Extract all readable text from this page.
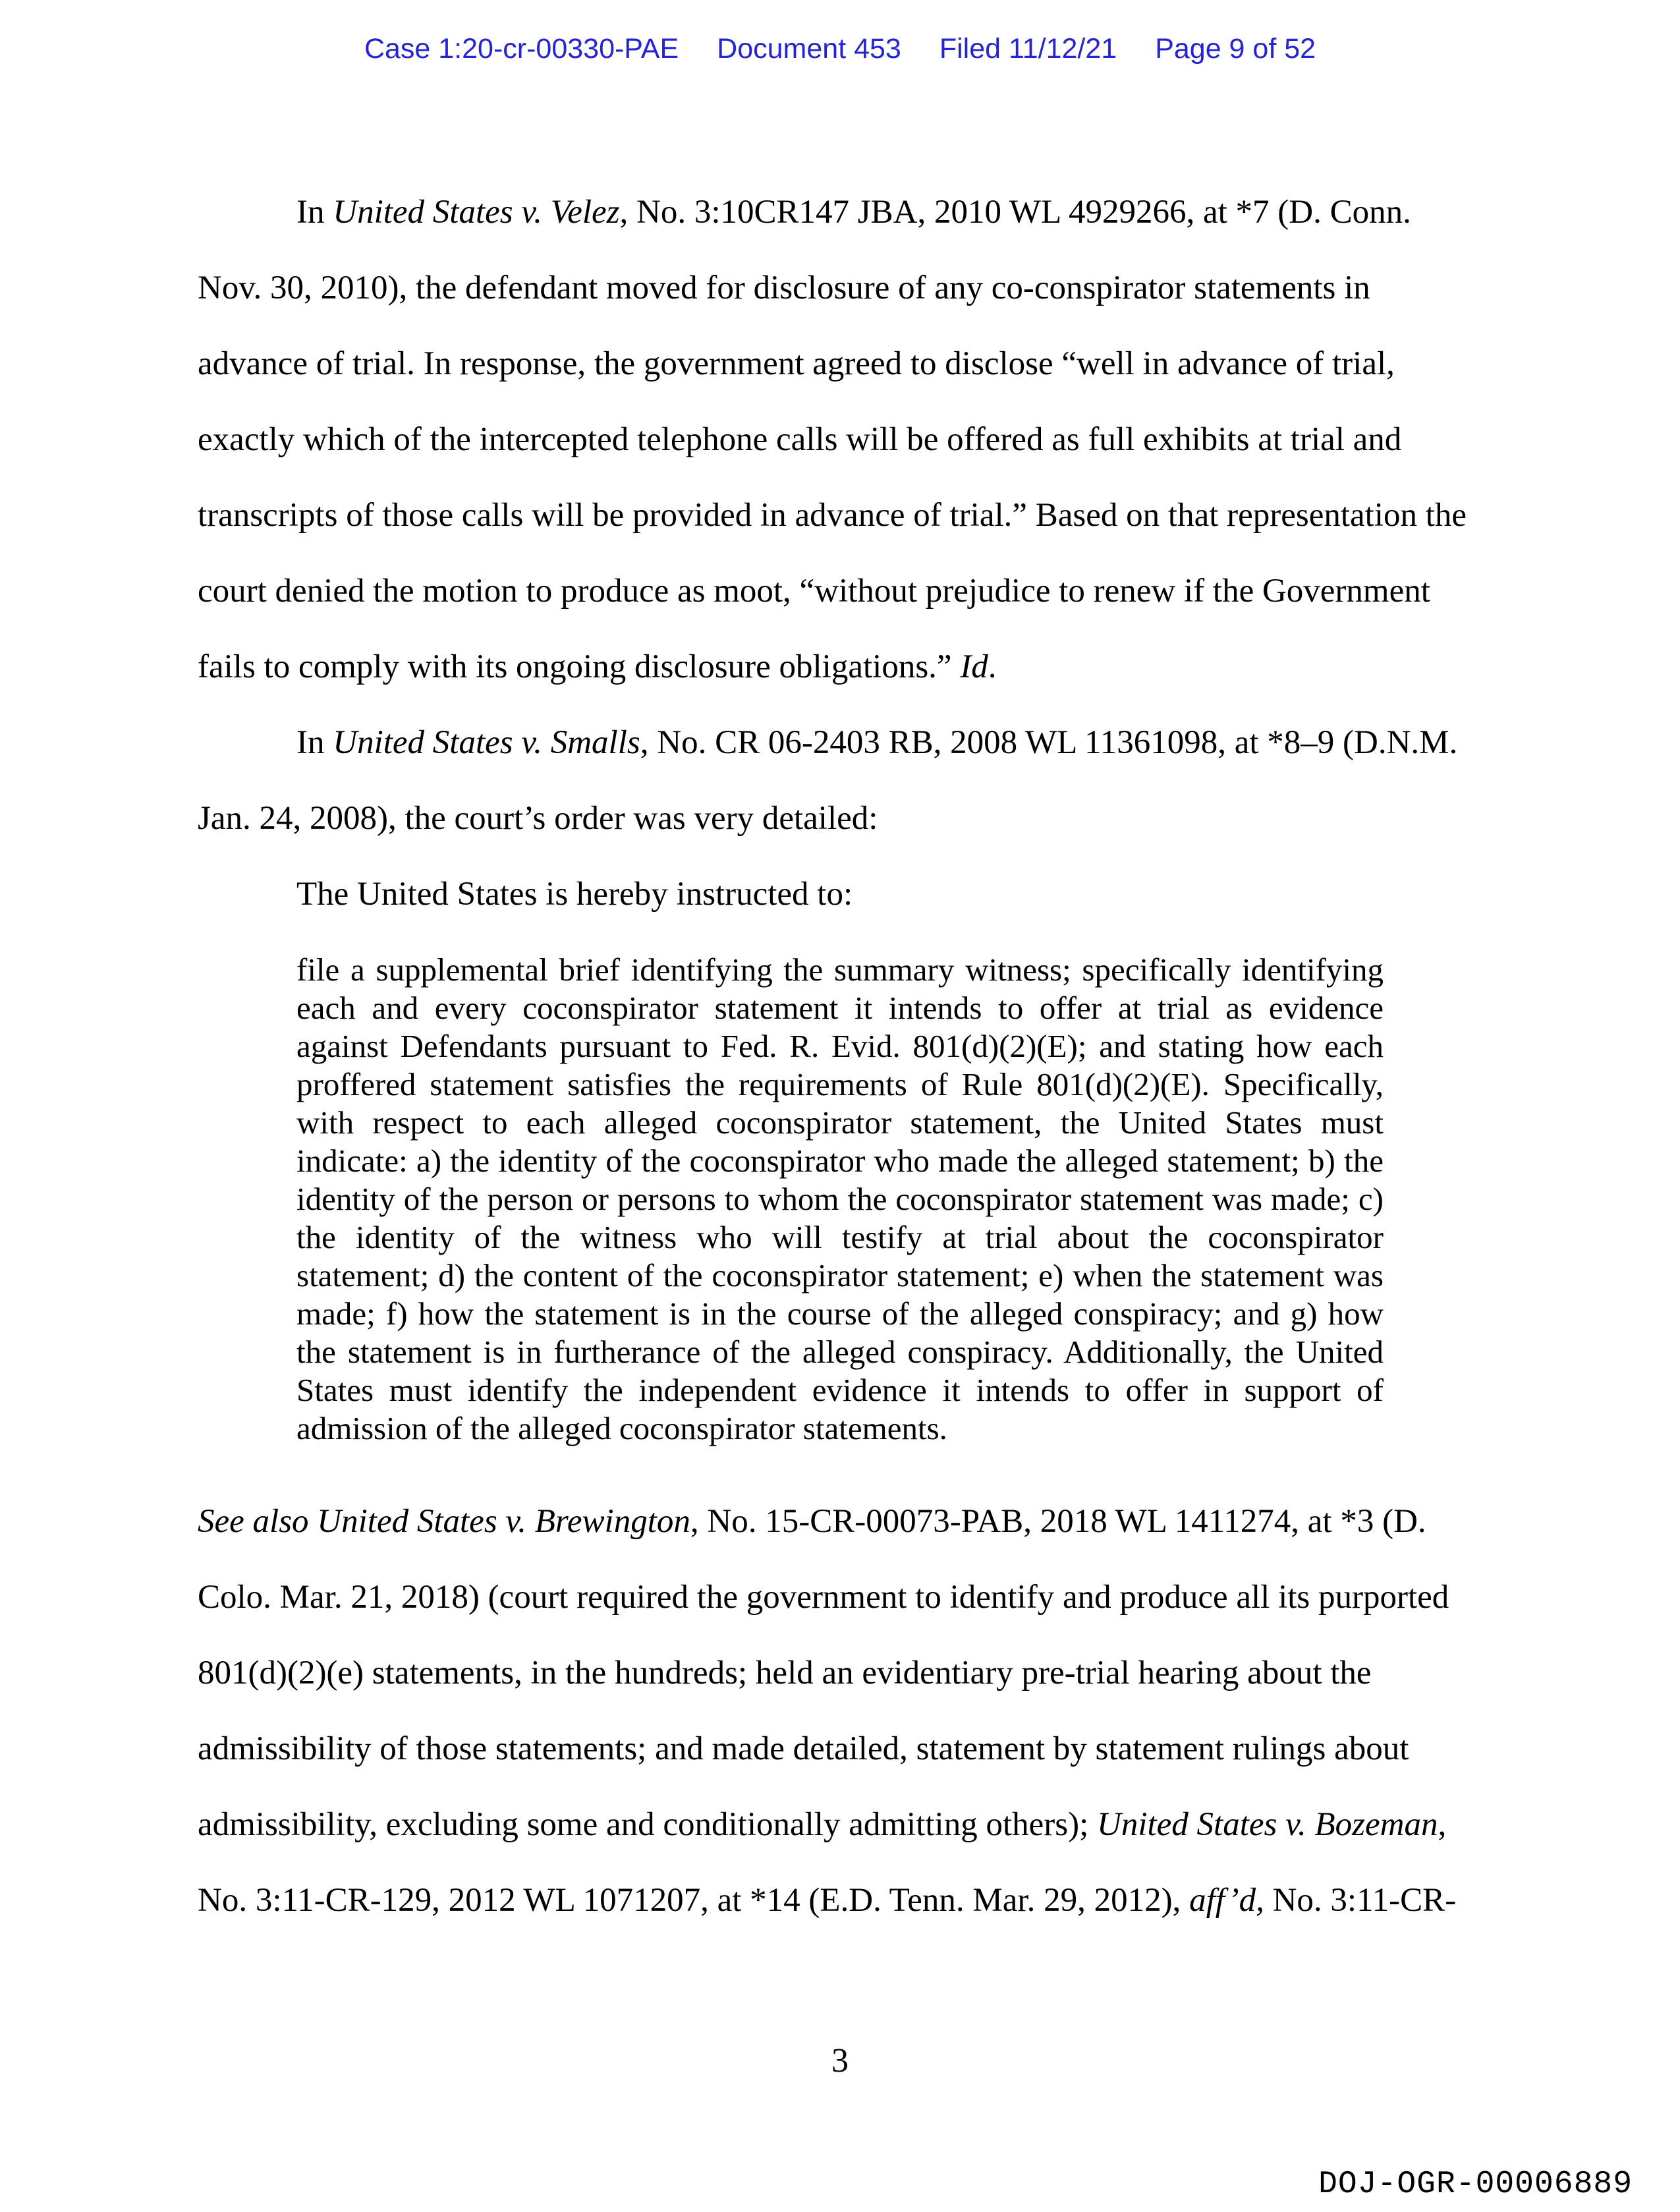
Case 1:20-cr-00330-PAE Document 453 Filed 11/12/21 Page 9 of 52

In United States v. Velez, No. 3:10CR147 JBA, 2010 WL 4929266, at *7 (D. Conn. Nov. 30, 2010), the defendant moved for disclosure of any co-conspirator statements in advance of trial. In response, the government agreed to disclose “well in advance of trial, exactly which of the intercepted telephone calls will be offered as full exhibits at trial and transcripts of those calls will be provided in advance of trial.” Based on that representation the court denied the motion to produce as moot, “without prejudice to renew if the Government fails to comply with its ongoing disclosure obligations.” Id.

In United States v. Smalls, No. CR 06-2403 RB, 2008 WL 11361098, at *8–9 (D.N.M. Jan. 24, 2008), the court’s order was very detailed:

The United States is hereby instructed to:

file a supplemental brief identifying the summary witness; specifically identifying each and every coconspirator statement it intends to offer at trial as evidence against Defendants pursuant to Fed. R. Evid. 801(d)(2)(E); and stating how each proffered statement satisfies the requirements of Rule 801(d)(2)(E). Specifically, with respect to each alleged coconspirator statement, the United States must indicate: a) the identity of the coconspirator who made the alleged statement; b) the identity of the person or persons to whom the coconspirator statement was made; c) the identity of the witness who will testify at trial about the coconspirator statement; d) the content of the coconspirator statement; e) when the statement was made; f) how the statement is in the course of the alleged conspiracy; and g) how the statement is in furtherance of the alleged conspiracy. Additionally, the United States must identify the independent evidence it intends to offer in support of admission of the alleged coconspirator statements.

See also United States v. Brewington, No. 15-CR-00073-PAB, 2018 WL 1411274, at *3 (D. Colo. Mar. 21, 2018) (court required the government to identify and produce all its purported 801(d)(2)(e) statements, in the hundreds; held an evidentiary pre-trial hearing about the admissibility of those statements; and made detailed, statement by statement rulings about admissibility, excluding some and conditionally admitting others); United States v. Bozeman, No. 3:11-CR-129, 2012 WL 1071207, at *14 (E.D. Tenn. Mar. 29, 2012), aff’d, No. 3:11-CR-

3
DOJ-OGR-00006889
